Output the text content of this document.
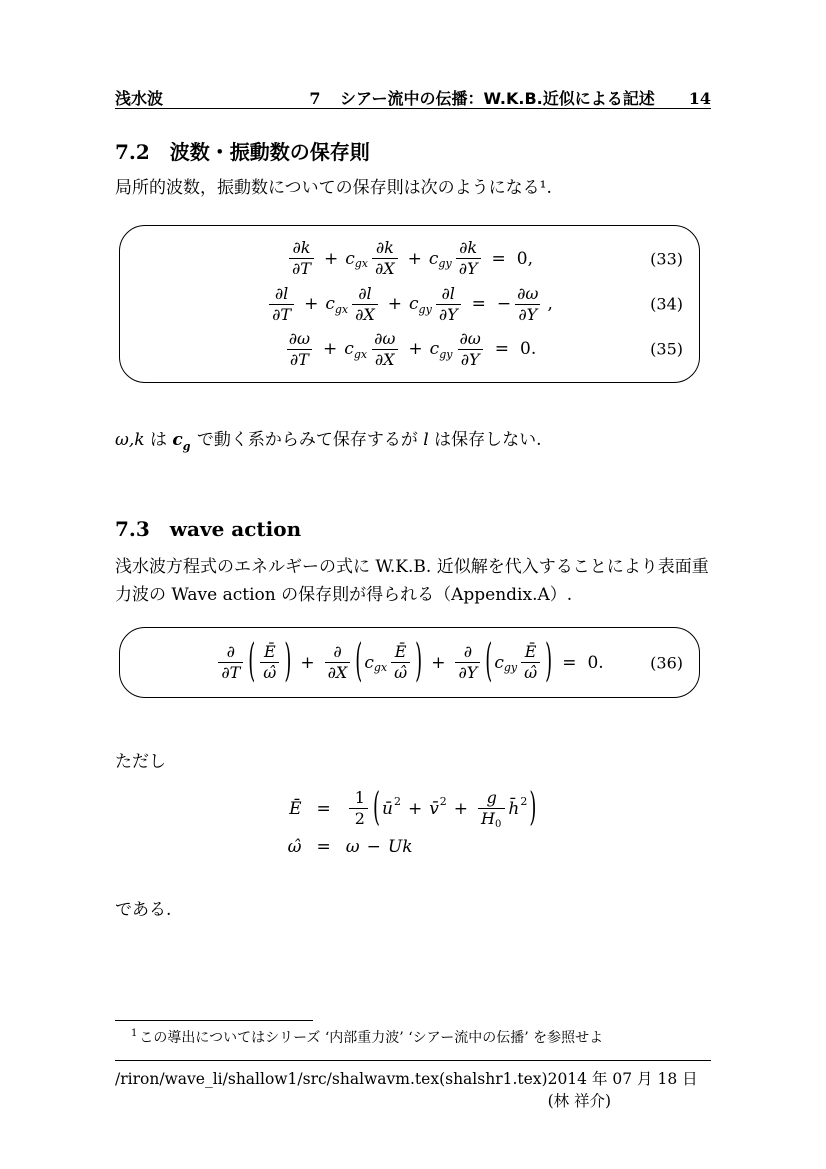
浅水波	7 シアー流中の伝播：W.K.B.近似による記述 14
7.2 波数・振動数の保存則
局所的波数，振動数についての保存則は次のようになる¹.
$\frac{\partial k}{\partial T} + c$ gx $\frac{\partial k}{\partial X} + c$ gy $\frac{\partial k}{\partial Y} = 0$,	(33)
$\frac{\partial l}{\partial T} + c$ gx $\frac{\partial l}{\partial X} + c$ gy $\frac{\partial l}{\partial Y}$ = − $\frac{\partial\omega}{\partial Y}$ ,	(34)
$\frac{\partial\omega}{\partial T} + c$ gx $\frac{\partial\omega}{\partial X} + c$ gy $\frac{\partial\omega}{\partial Y} = 0$.	(35)
ω,k は $c_g$ で動く系からみて保存するが l は保存しない.
7.3 wave action
浅水波方程式のエネルギーの式に W.K.B. 近似解を代入することにより表面重力波の Wave action の保存則が得られる（Appendix.A）.
$\frac{\partial}{\partial T}$ ( $\frac{Ē}{\omegâ}$ ) + $\frac{\partial}{\partial X}$ ( c gx $\frac{Ē}{\omegâ}$ ) + $\frac{\partial}{\partial Y}$ ( c gy $\frac{Ē}{\omegâ}$ ) = 0.	(36)
ただし
Ē = $\frac{1}{2}$ ( ū 2 + v̄ $2 + \frac{g}{H0}$ h̄ 2 )
ω̂ = ω − U k
である.
$^1$ この導出についてはシリーズ ‘内部重力波’ ‘シアー流中の伝播’ を参照せよ
/riron/wave_li/shallow1/src/shalwavm.tex(shalshr1.tex) 2014 年 07 月 18 日 (林 祥介)
